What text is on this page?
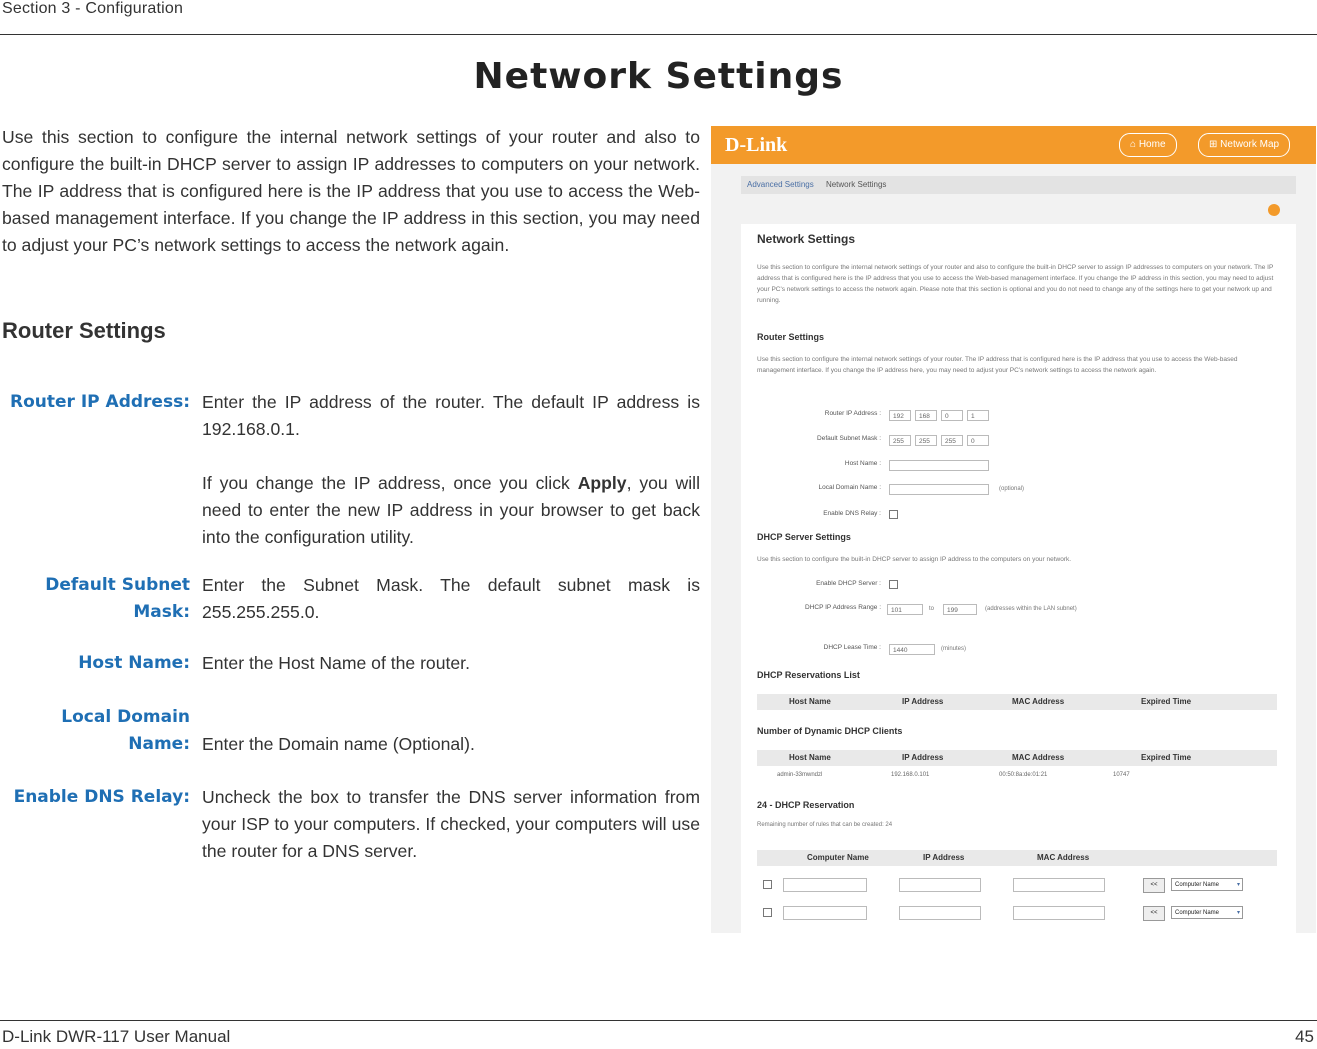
Section 3 - Configuration
Network Settings
Use this section to configure the internal network settings of your router and also to configure the built-in DHCP server to assign IP addresses to computers on your network. The IP address that is configured here is the IP address that you use to access the Web-based management interface. If you change the IP address in this section, you may need to adjust your PC’s network settings to access the network again.
Router Settings
Router IP Address: Enter the IP address of the router. The default IP address is 192.168.0.1.

If you change the IP address, once you click Apply, you will need to enter the new IP address in your browser to get back into the configuration utility.

Default Subnet
Mask:
Enter the Subnet Mask. The default subnet mask is 255.255.255.0.
Host Name: Enter the Host Name of the router.
Local Domain
Name: Enter the Domain name (Optional).
Enable DNS Relay: Uncheck the box to transfer the DNS server information from your ISP to your computers. If checked, your computers will use the router for a DNS server.
D-Link	⌂ Home	⊞ Network Map
Advanced Settings Network Settings
Network Settings
Use this section to configure the internal network settings of your router and also to configure the built-in DHCP server to assign IP addresses to computers on your network. The IP address that is configured here is the IP address that you use to access the Web-based management interface. If you change the IP address in this section, you may need to adjust your PC's network settings to access the network again. Please note that this section is optional and you do not need to change any of the settings here to get your network up and running.
Router Settings
Use this section to configure the internal network settings of your router. The IP address that is configured here is the IP address that you use to access the Web-based management interface. If you change the IP address here, you may need to adjust your PC's network settings to access the network again.
Router IP Address :	192	168	0	1
Default Subnet Mask :	255	255	255	0
Host Name :
Local Domain Name :	(optional)
Enable DNS Relay :
DHCP Server Settings
Use this section to configure the built-in DHCP server to assign IP address to the computers on your network.
Enable DHCP Server :
DHCP IP Address Range :	101	to	199	(addresses within the LAN subnet)
DHCP Lease Time :	1440	(minutes)
DHCP Reservations List
Host Name	IP Address	MAC Address	Expired Time
Number of Dynamic DHCP Clients
Host Name	IP Address	MAC Address	Expired Time
admin-33mwndzl	192.168.0.101	00:50:8a:de:01:21	10747
24 - DHCP Reservation
Remaining number of rules that can be created: 24
Computer Name	IP Address	MAC Address
<<	Computer Name ▾
<<	Computer Name ▾
D-Link DWR-117 User Manual	45
